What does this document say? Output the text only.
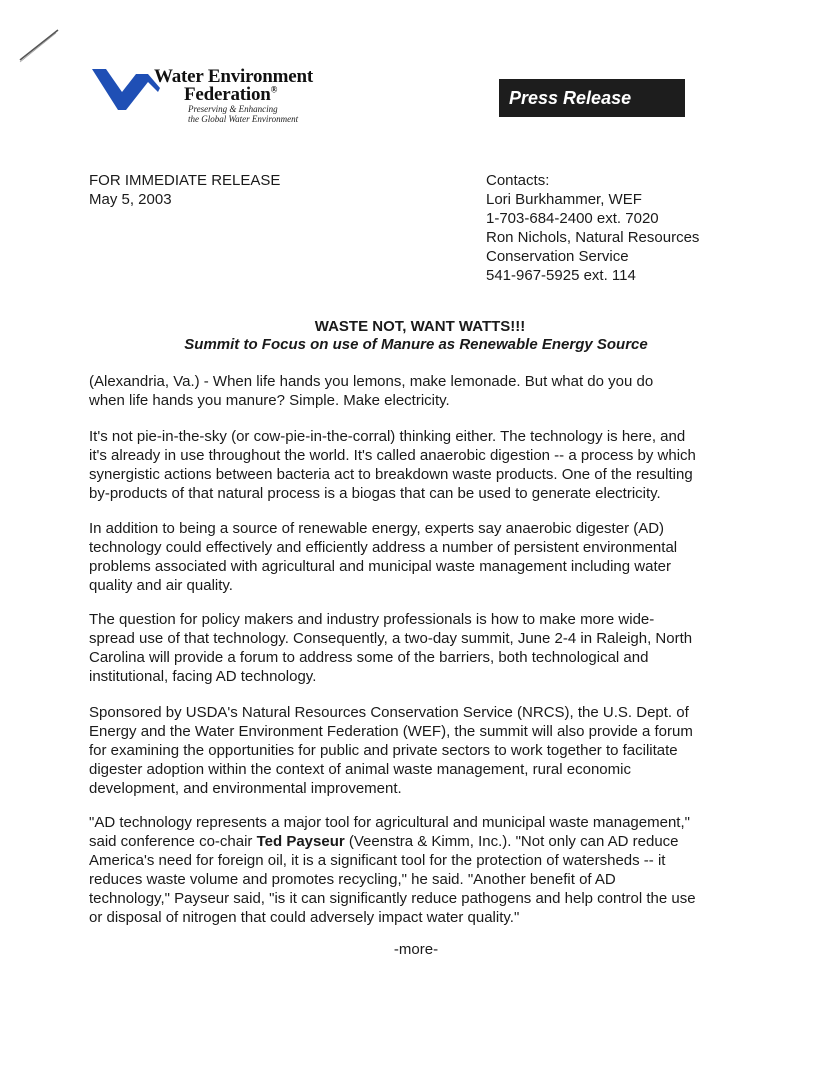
Water Environment
Federation®
Preserving & Enhancing
the Global Water Environment
Press Release
FOR IMMEDIATE RELEASE
May 5, 2003
Contacts:
Lori Burkhammer, WEF
1-703-684-2400 ext. 7020
Ron Nichols, Natural Resources
Conservation Service
541-967-5925 ext. 114
WASTE NOT, WANT WATTS!!!
Summit to Focus on use of Manure as Renewable Energy Source
(Alexandria, Va.) - When life hands you lemons, make lemonade. But what do you do
when life hands you manure? Simple. Make electricity.
It's not pie-in-the-sky (or cow-pie-in-the-corral) thinking either. The technology is here, and
it's already in use throughout the world. It's called anaerobic digestion -- a process by which
synergistic actions between bacteria act to breakdown waste products. One of the resulting
by-products of that natural process is a biogas that can be used to generate electricity.
In addition to being a source of renewable energy, experts say anaerobic digester (AD)
technology could effectively and efficiently address a number of persistent environmental
problems associated with agricultural and municipal waste management including water
quality and air quality.
The question for policy makers and industry professionals is how to make more wide-
spread use of that technology. Consequently, a two-day summit, June 2-4 in Raleigh, North
Carolina will provide a forum to address some of the barriers, both technological and
institutional, facing AD technology.
Sponsored by USDA's Natural Resources Conservation Service (NRCS), the U.S. Dept. of
Energy and the Water Environment Federation (WEF), the summit will also provide a forum
for examining the opportunities for public and private sectors to work together to facilitate
digester adoption within the context of animal waste management, rural economic
development, and environmental improvement.
"AD technology represents a major tool for agricultural and municipal waste management,"
said conference co-chair Ted Payseur (Veenstra & Kimm, Inc.). "Not only can AD reduce
America's need for foreign oil, it is a significant tool for the protection of watersheds -- it
reduces waste volume and promotes recycling," he said. "Another benefit of AD
technology," Payseur said, "is it can significantly reduce pathogens and help control the use
or disposal of nitrogen that could adversely impact water quality."
-more-
